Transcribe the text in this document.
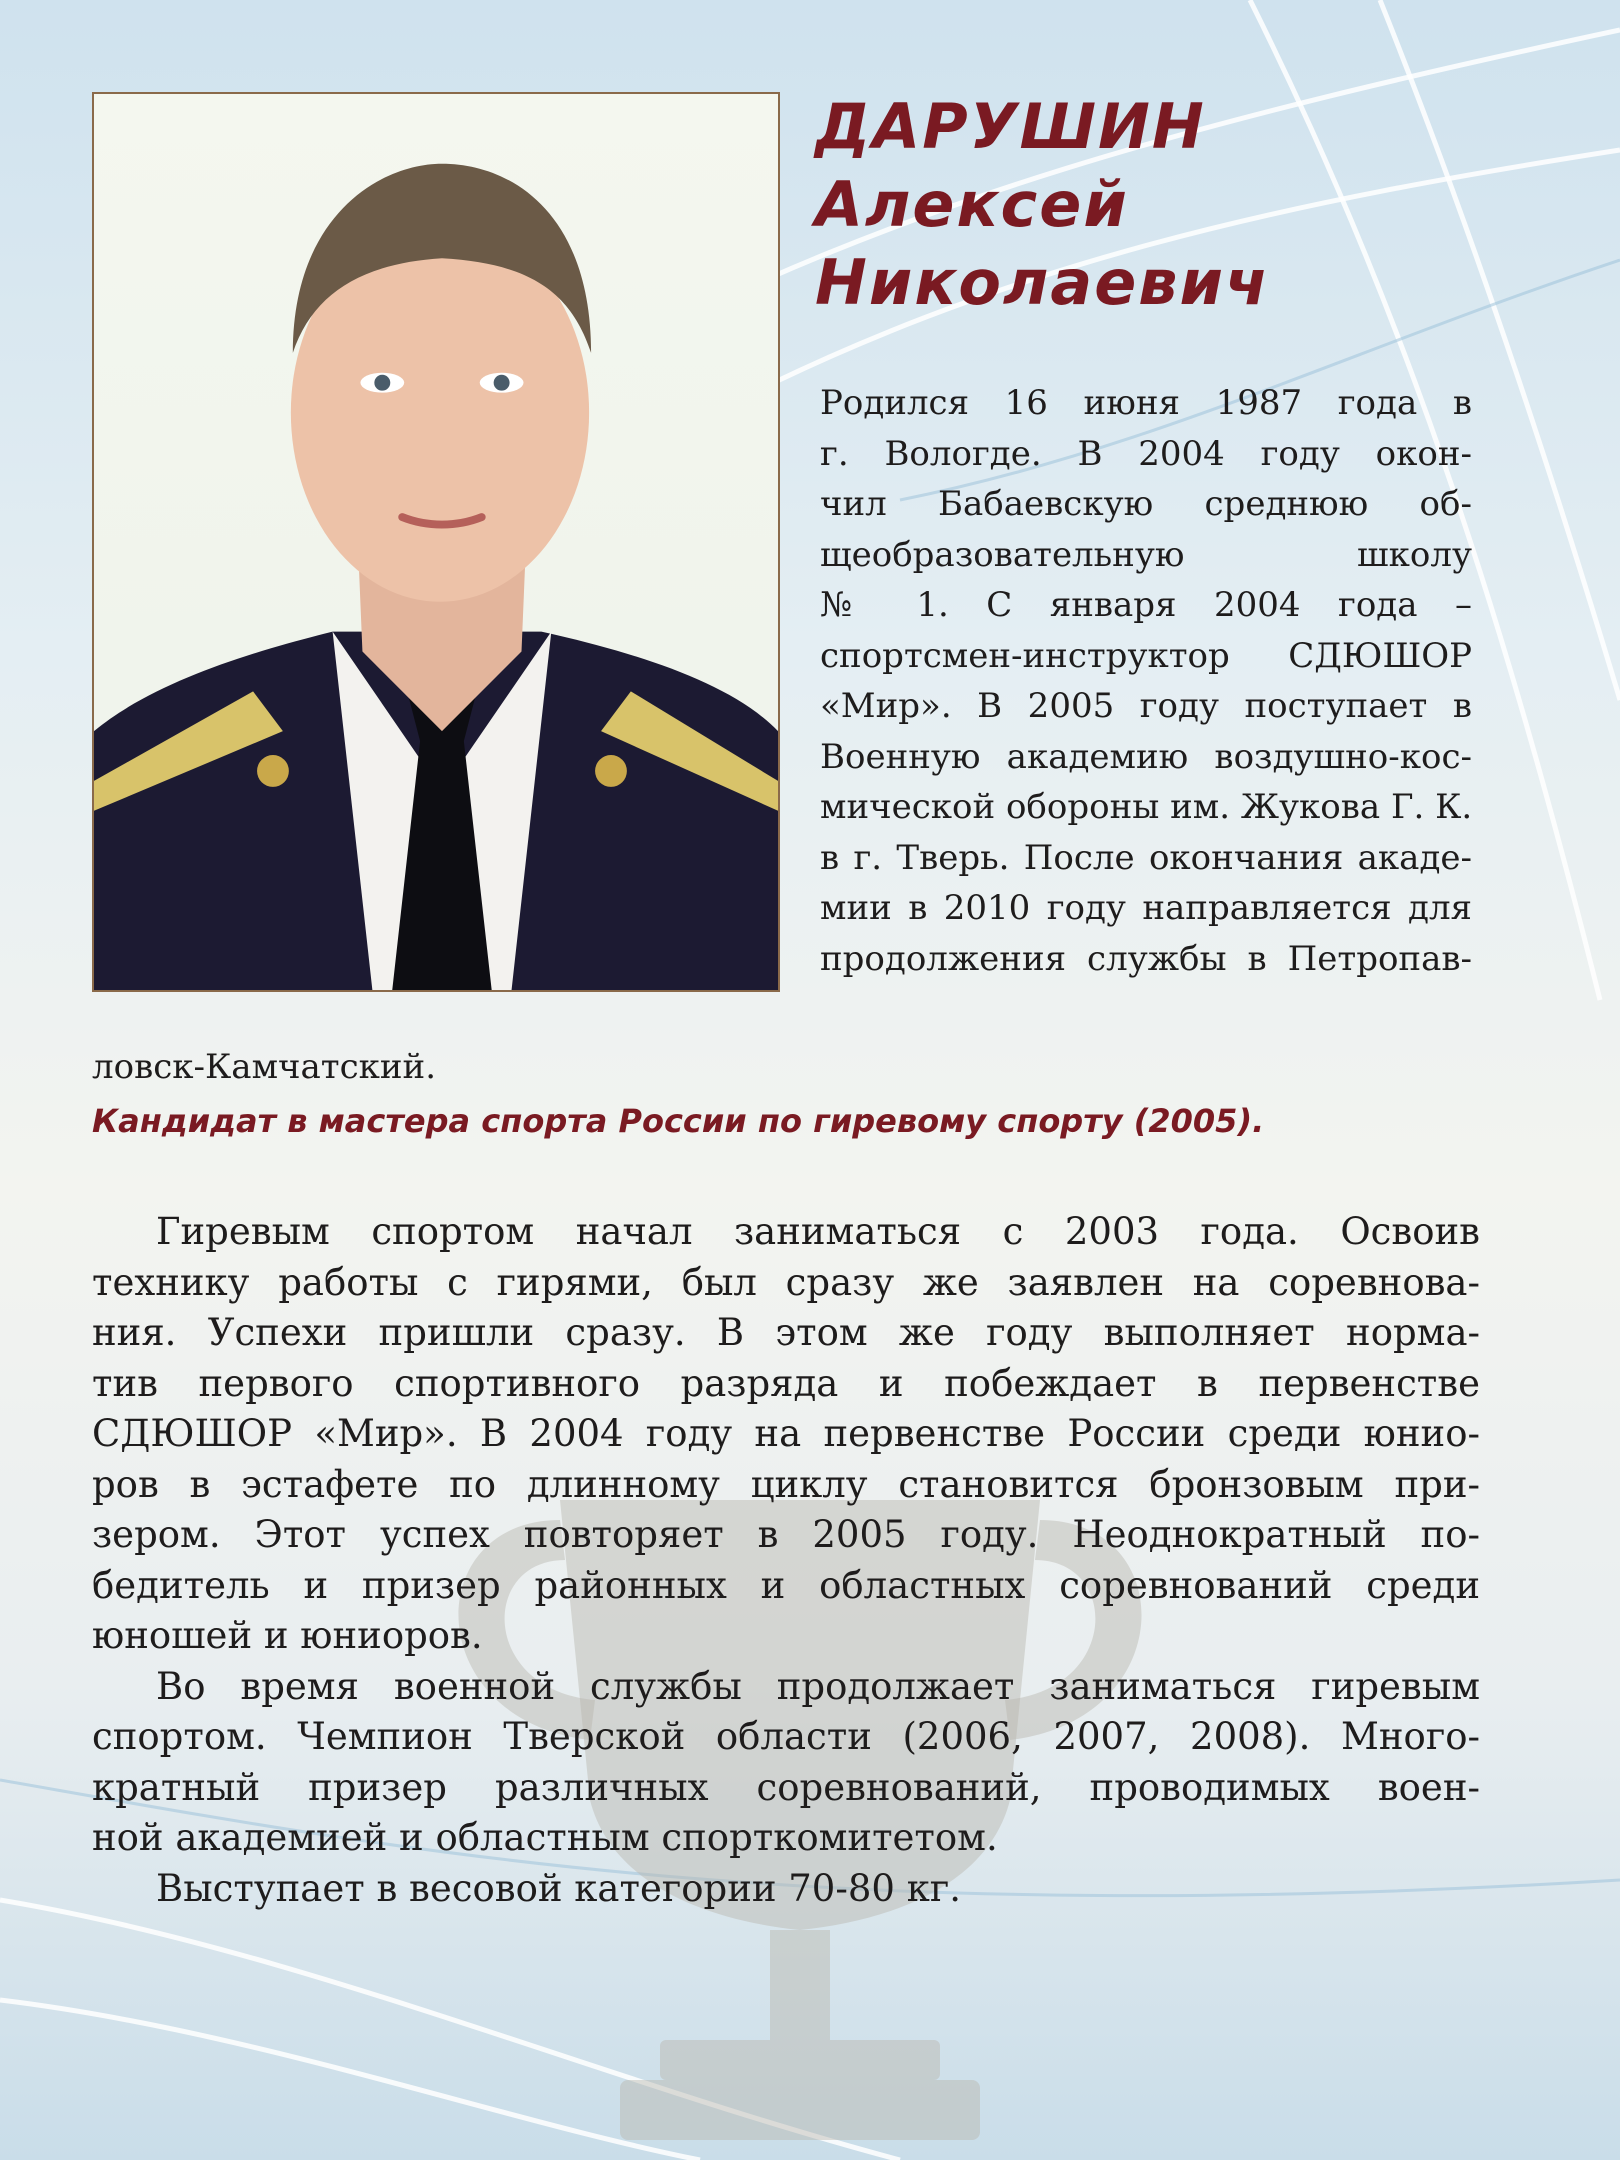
ДАРУШИН
Алексей
Николаевич
Родился 16 июня 1987 года в
г. Вологде. В 2004 году окон-
чил Бабаевскую среднюю об-
щеобразовательную школу
№ 1. С января 2004 года –
спортсмен-инструктор СДЮШОР
«Мир». В 2005 году поступает в
Военную академию воздушно-кос-
мической обороны им. Жукова Г. К.
в г. Тверь. После окончания акаде-
мии в 2010 году направляется для
продолжения службы в Петропав-
ловск-Камчатский.
Кандидат в мастера спорта России по гиревому спорту (2005).
Гиревым спортом начал заниматься с 2003 года. Освоив
технику работы с гирями, был сразу же заявлен на соревнова-
ния. Успехи пришли сразу. В этом же году выполняет норма-
тив первого спортивного разряда и побеждает в первенстве
СДЮШОР «Мир». В 2004 году на первенстве России среди юнио-
ров в эстафете по длинному циклу становится бронзовым при-
зером. Этот успех повторяет в 2005 году. Неоднократный по-
бедитель и призер районных и областных соревнований среди
юношей и юниоров.
Во время военной службы продолжает заниматься гиревым
спортом. Чемпион Тверской области (2006, 2007, 2008). Много-
кратный призер различных соревнований, проводимых воен-
ной академией и областным спорткомитетом.
Выступает в весовой категории 70-80 кг.
